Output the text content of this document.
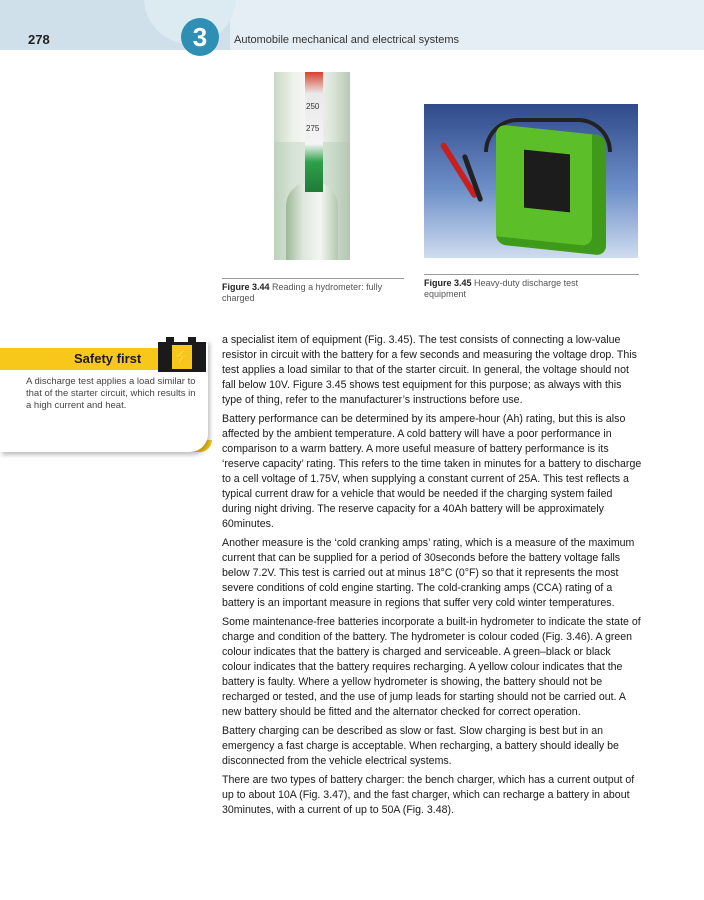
278	3	Automobile mechanical and electrical systems
250
275
Figure 3.44 Reading a hydrometer: fully charged
Figure 3.45 Heavy-duty discharge test equipment
Safety first ⚡
A discharge test applies a load similar to that of the starter circuit, which results in a high current and heat.

a specialist item of equipment (Fig. 3.45). The test consists of connecting a low-value resistor in circuit with the battery for a few seconds and measuring the voltage drop. This test applies a load similar to that of the starter circuit. In general, the voltage should not fall below 10V. Figure 3.45 shows test equipment for this purpose; as always with this type of thing, refer to the manufacturer’s instructions before use.

Battery performance can be determined by its ampere-hour (Ah) rating, but this is also affected by the ambient temperature. A cold battery will have a poor performance in comparison to a warm battery. A more useful measure of battery performance is its ‘reserve capacity’ rating. This refers to the time taken in minutes for a battery to discharge to a cell voltage of 1.75V, when supplying a constant current of 25A. This test reflects a typical current draw for a vehicle that would be needed if the charging system failed during night driving. The reserve capacity for a 40Ah battery will be approximately 60minutes.

Another measure is the ‘cold cranking amps’ rating, which is a measure of the maximum current that can be supplied for a period of 30seconds before the battery voltage falls below 7.2V. This test is carried out at minus 18°C (0°F) so that it represents the most severe conditions of cold engine starting. The cold-cranking amps (CCA) rating of a battery is an important measure in regions that suffer very cold winter temperatures.

Some maintenance-free batteries incorporate a built-in hydrometer to indicate the state of charge and condition of the battery. The hydrometer is colour coded (Fig. 3.46). A green colour indicates that the battery is charged and serviceable. A green–black or black colour indicates that the battery requires recharging. A yellow colour indicates that the battery is faulty. Where a yellow hydrometer is showing, the battery should not be recharged or tested, and the use of jump leads for starting should not be carried out. A new battery should be fitted and the alternator checked for correct operation.

Battery charging can be described as slow or fast. Slow charging is best but in an emergency a fast charge is acceptable. When recharging, a battery should ideally be disconnected from the vehicle electrical systems.

There are two types of battery charger: the bench charger, which has a current output of up to about 10A (Fig. 3.47), and the fast charger, which can recharge a battery in about 30minutes, with a current of up to 50A (Fig. 3.48).
